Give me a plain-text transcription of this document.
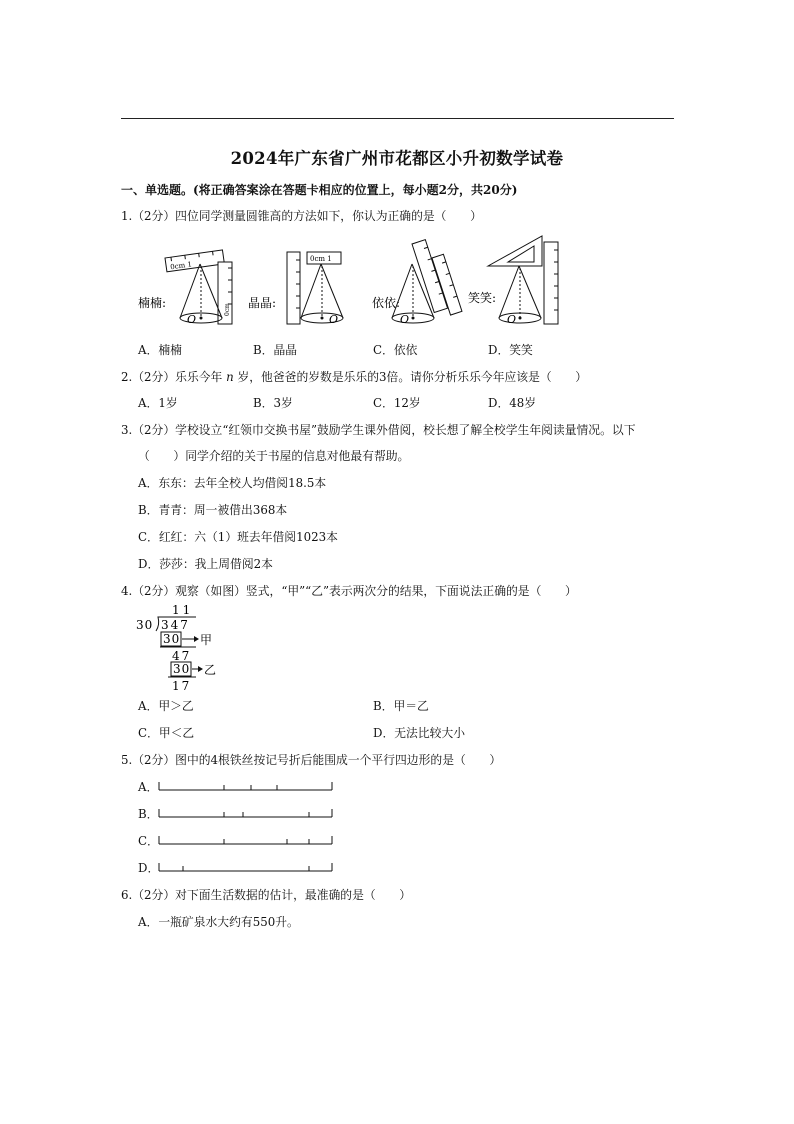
2024年广东省广州市花都区小升初数学试卷
一、单选题。(将正确答案涂在答题卡相应的位置上，每小题2分，共20分)
1.（2分）四位同学测量圆锥高的方法如下，你认为正确的是（　　）
楠楠:
0cm 1
0cm
O
晶晶:
0cm 1
O
依依:
O
笑笑:
O
A．楠楠	B．晶晶	C．依依	D．笑笑
2.（2分）乐乐今年 n 岁，他爸爸的岁数是乐乐的3倍。请你分析乐乐今年应该是（　　）
A．1岁	B．3岁	C．12岁	D．48岁
3.（2分）学校设立“红领巾交换书屋”鼓励学生课外借阅，校长想了解全校学生年阅读量情况。以下
（　　）同学介绍的关于书屋的信息对他最有帮助。
A．东东：去年全校人均借阅18.5本
B．青青：周一被借出368本
C．红红：六（1）班去年借阅1023本
D．莎莎：我上周借阅2本
4.（2分）观察（如图）竖式，“甲”“乙”表示两次分的结果，下面说法正确的是（　　）
11
30 347
30 甲
47
30 乙
17
A．甲＞乙	B．甲＝乙
C．甲＜乙	D．无法比较大小
5.（2分）图中的4根铁丝按记号折后能围成一个平行四边形的是（　　）
A．
B．
C．
D．
6.（2分）对下面生活数据的估计，最准确的是（　　）
A．一瓶矿泉水大约有550升。
